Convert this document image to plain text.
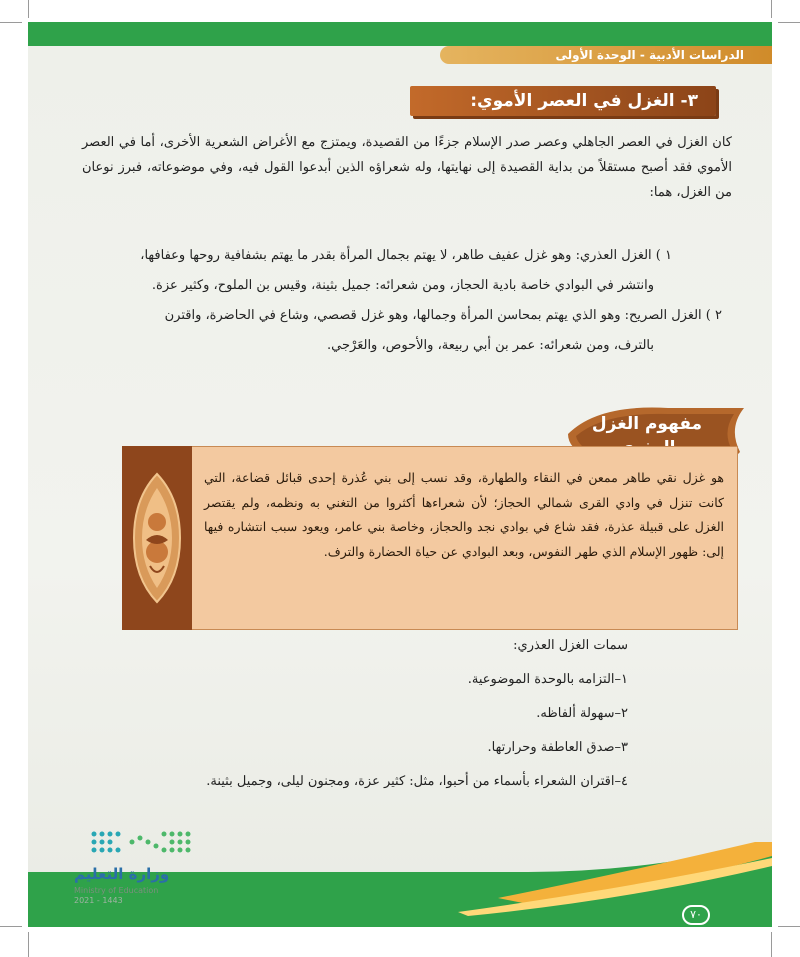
الدراسات الأدبية - الوحدة الأولى
٣- الغزل في العصر الأموي:
كان الغزل في العصر الجاهلي وعصر صدر الإسلام جزءًا من القصيدة، ويمتزج مع الأغراض الشعرية الأخرى، أما في العصر الأموي فقد أصبح مستقلاً من بداية القصيدة إلى نهايتها، وله شعراؤه الذين أبدعوا القول فيه، وفي موضوعاته، فبرز نوعان من الغزل، هما:
١ ) الغزل العذري: وهو غزل عفيف طاهر، لا يهتم بجمال المرأة بقدر ما يهتم بشفافية روحها وعفافها،
وانتشر في البوادي خاصة بادية الحجاز، ومن شعرائه: جميل بثينة، وقيس بن الملوح، وكثير عزة.
٢ ) الغزل الصريح: وهو الذي يهتم بمحاسن المرأة وجمالها، وهو غزل قصصي، وشاع في الحاضرة، واقترن
بالترف، ومن شعرائه: عمر بن أبي ربيعة، والأحوص، والعَرْجي.
مفهوم الغزل
هو غزل نقي طاهر ممعن في النقاء والطهارة، وقد نسب إلى بني عُذرة إحدى قبائل قضاعة، التي كانت تنزل في وادي القرى شمالي الحجاز؛ لأن شعراءها أكثروا من التغني به ونظمه، ولم يقتصر الغزل على قبيلة عذرة، فقد شاع في بوادي نجد والحجاز، وخاصة بني عامر، ويعود سبب انتشاره فيها إلى: ظهور الإسلام الذي طهر النفوس، وبعد البوادي عن حياة الحضارة والترف.
سمات الغزل العذري:
١–التزامه بالوحدة الموضوعية.
٢–سهولة ألفاظه.
٣–صدق العاطفة وحرارتها.
٤–اقتران الشعراء بأسماء من أحبوا، مثل: كثير عزة، ومجنون ليلى، وجميل بثينة.
٧٠
وزارة التعليم
Ministry of Education
2021 - 1443
